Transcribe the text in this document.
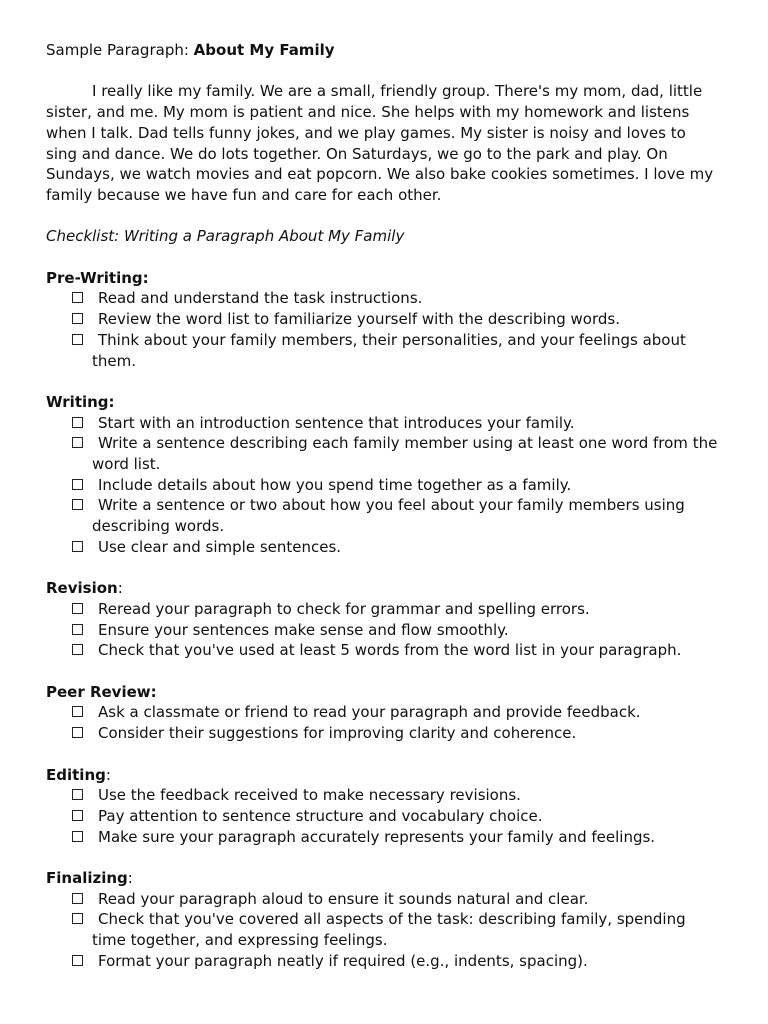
Sample Paragraph: About My Family

I really like my family. We are a small, friendly group. There's my mom, dad, little sister, and me. My mom is patient and nice. She helps with my homework and listens when I talk. Dad tells funny jokes, and we play games. My sister is noisy and loves to sing and dance. We do lots together. On Saturdays, we go to the park and play. On Sundays, we watch movies and eat popcorn. We also bake cookies sometimes. I love my family because we have fun and care for each other.

Checklist: Writing a Paragraph About My Family

Pre-Writing:

Read and understand the task instructions.
Review the word list to familiarize yourself with the describing words.
Think about your family members, their personalities, and your feelings about them.

Writing:

Start with an introduction sentence that introduces your family.
Write a sentence describing each family member using at least one word from the word list.
Include details about how you spend time together as a family.
Write a sentence or two about how you feel about your family members using describing words.
Use clear and simple sentences.

Revision:

Reread your paragraph to check for grammar and spelling errors.
Ensure your sentences make sense and flow smoothly.
Check that you've used at least 5 words from the word list in your paragraph.

Peer Review:

Ask a classmate or friend to read your paragraph and provide feedback.
Consider their suggestions for improving clarity and coherence.

Editing:

Use the feedback received to make necessary revisions.
Pay attention to sentence structure and vocabulary choice.
Make sure your paragraph accurately represents your family and feelings.

Finalizing:

Read your paragraph aloud to ensure it sounds natural and clear.
Check that you've covered all aspects of the task: describing family, spending time together, and expressing feelings.
Format your paragraph neatly if required (e.g., indents, spacing).
